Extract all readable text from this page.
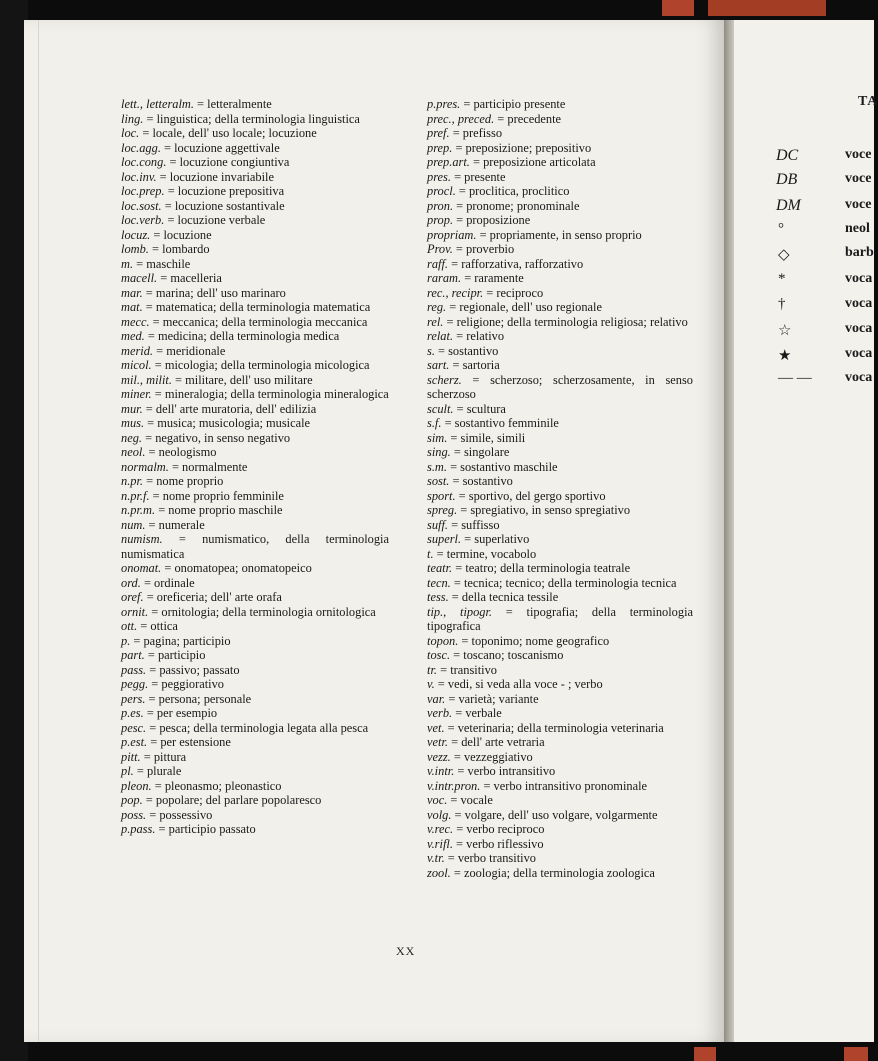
lett., letteralm. = letteralmente

ling. = linguistica; della terminologia linguistica

loc. = locale, dell' uso locale; locuzione

loc.agg. = locuzione aggettivale

loc.cong. = locuzione congiuntiva

loc.inv. = locuzione invariabile

loc.prep. = locuzione prepositiva

loc.sost. = locuzione sostantivale

loc.verb. = locuzione verbale

locuz. = locuzione

lomb. = lombardo

m. = maschile

macell. = macelleria

mar. = marina; dell' uso marinaro

mat. = matematica; della terminologia matematica

mecc. = meccanica; della terminologia meccanica

med. = medicina; della terminologia medica

merid. = meridionale

micol. = micologia; della terminologia micologica

mil., milit. = militare, dell' uso militare

miner. = mineralogia; della terminologia mineralogica

mur. = dell' arte muratoria, dell' edilizia

mus. = musica; musicologia; musicale

neg. = negativo, in senso negativo

neol. = neologismo

normalm. = normalmente

n.pr. = nome proprio

n.pr.f. = nome proprio femminile

n.pr.m. = nome proprio maschile

num. = numerale

numism. = numismatico, della terminologia numismatica

onomat. = onomatopea; onomatopeico

ord. = ordinale

oref. = oreficeria; dell' arte orafa

ornit. = ornitologia; della terminologia ornitologica

ott. = ottica

p. = pagina; participio

part. = participio

pass. = passivo; passato

pegg. = peggiorativo

pers. = persona; personale

p.es. = per esempio

pesc. = pesca; della terminologia legata alla pesca

p.est. = per estensione

pitt. = pittura

pl. = plurale

pleon. = pleonasmo; pleonastico

pop. = popolare; del parlare popolaresco

poss. = possessivo

p.pass. = participio passato

p.pres. = participio presente

prec., preced. = precedente

pref. = prefisso

prep. = preposizione; prepositivo

prep.art. = preposizione articolata

pres. = presente

procl. = proclitica, proclitico

pron. = pronome; pronominale

prop. = proposizione

propriam. = propriamente, in senso proprio

Prov. = proverbio

raff. = rafforzativa, rafforzativo

raram. = raramente

rec., recipr. = reciproco

reg. = regionale, dell' uso regionale

rel. = religione; della terminologia religiosa; relativo

relat. = relativo

s. = sostantivo

sart. = sartoria

scherz. = scherzoso; scherzosamente, in senso scherzoso

scult. = scultura

s.f. = sostantivo femminile

sim. = simile, simili

sing. = singolare

s.m. = sostantivo maschile

sost. = sostantivo

sport. = sportivo, del gergo sportivo

spreg. = spregiativo, in senso spregiativo

suff. = suffisso

superl. = superlativo

t. = termine, vocabolo

teatr. = teatro; della terminologia teatrale

tecn. = tecnica; tecnico; della terminologia tecnica

tess. = della tecnica tessile

tip., tipogr. = tipografia; della terminologia tipografica

topon. = toponimo; nome geografico

tosc. = toscano; toscanismo

tr. = transitivo

v. = vedi, si veda alla voce - ; verbo

var. = varietà; variante

verb. = verbale

vet. = veterinaria; della terminologia veterinaria

vetr. = dell' arte vetraria

vezz. = vezzeggiativo

v.intr. = verbo intransitivo

v.intr.pron. = verbo intransitivo pronominale

voc. = vocale

volg. = volgare, dell' uso volgare, volgarmente

v.rec. = verbo reciproco

v.rifl. = verbo riflessivo

v.tr. = verbo transitivo

zool. = zoologia; della terminologia zoologica

XX
TA
DC	voce
DB	voce
DM	voce
°	neol
◇	barb
*	voca
†	voca
☆	voca
★	voca
— —	voca
